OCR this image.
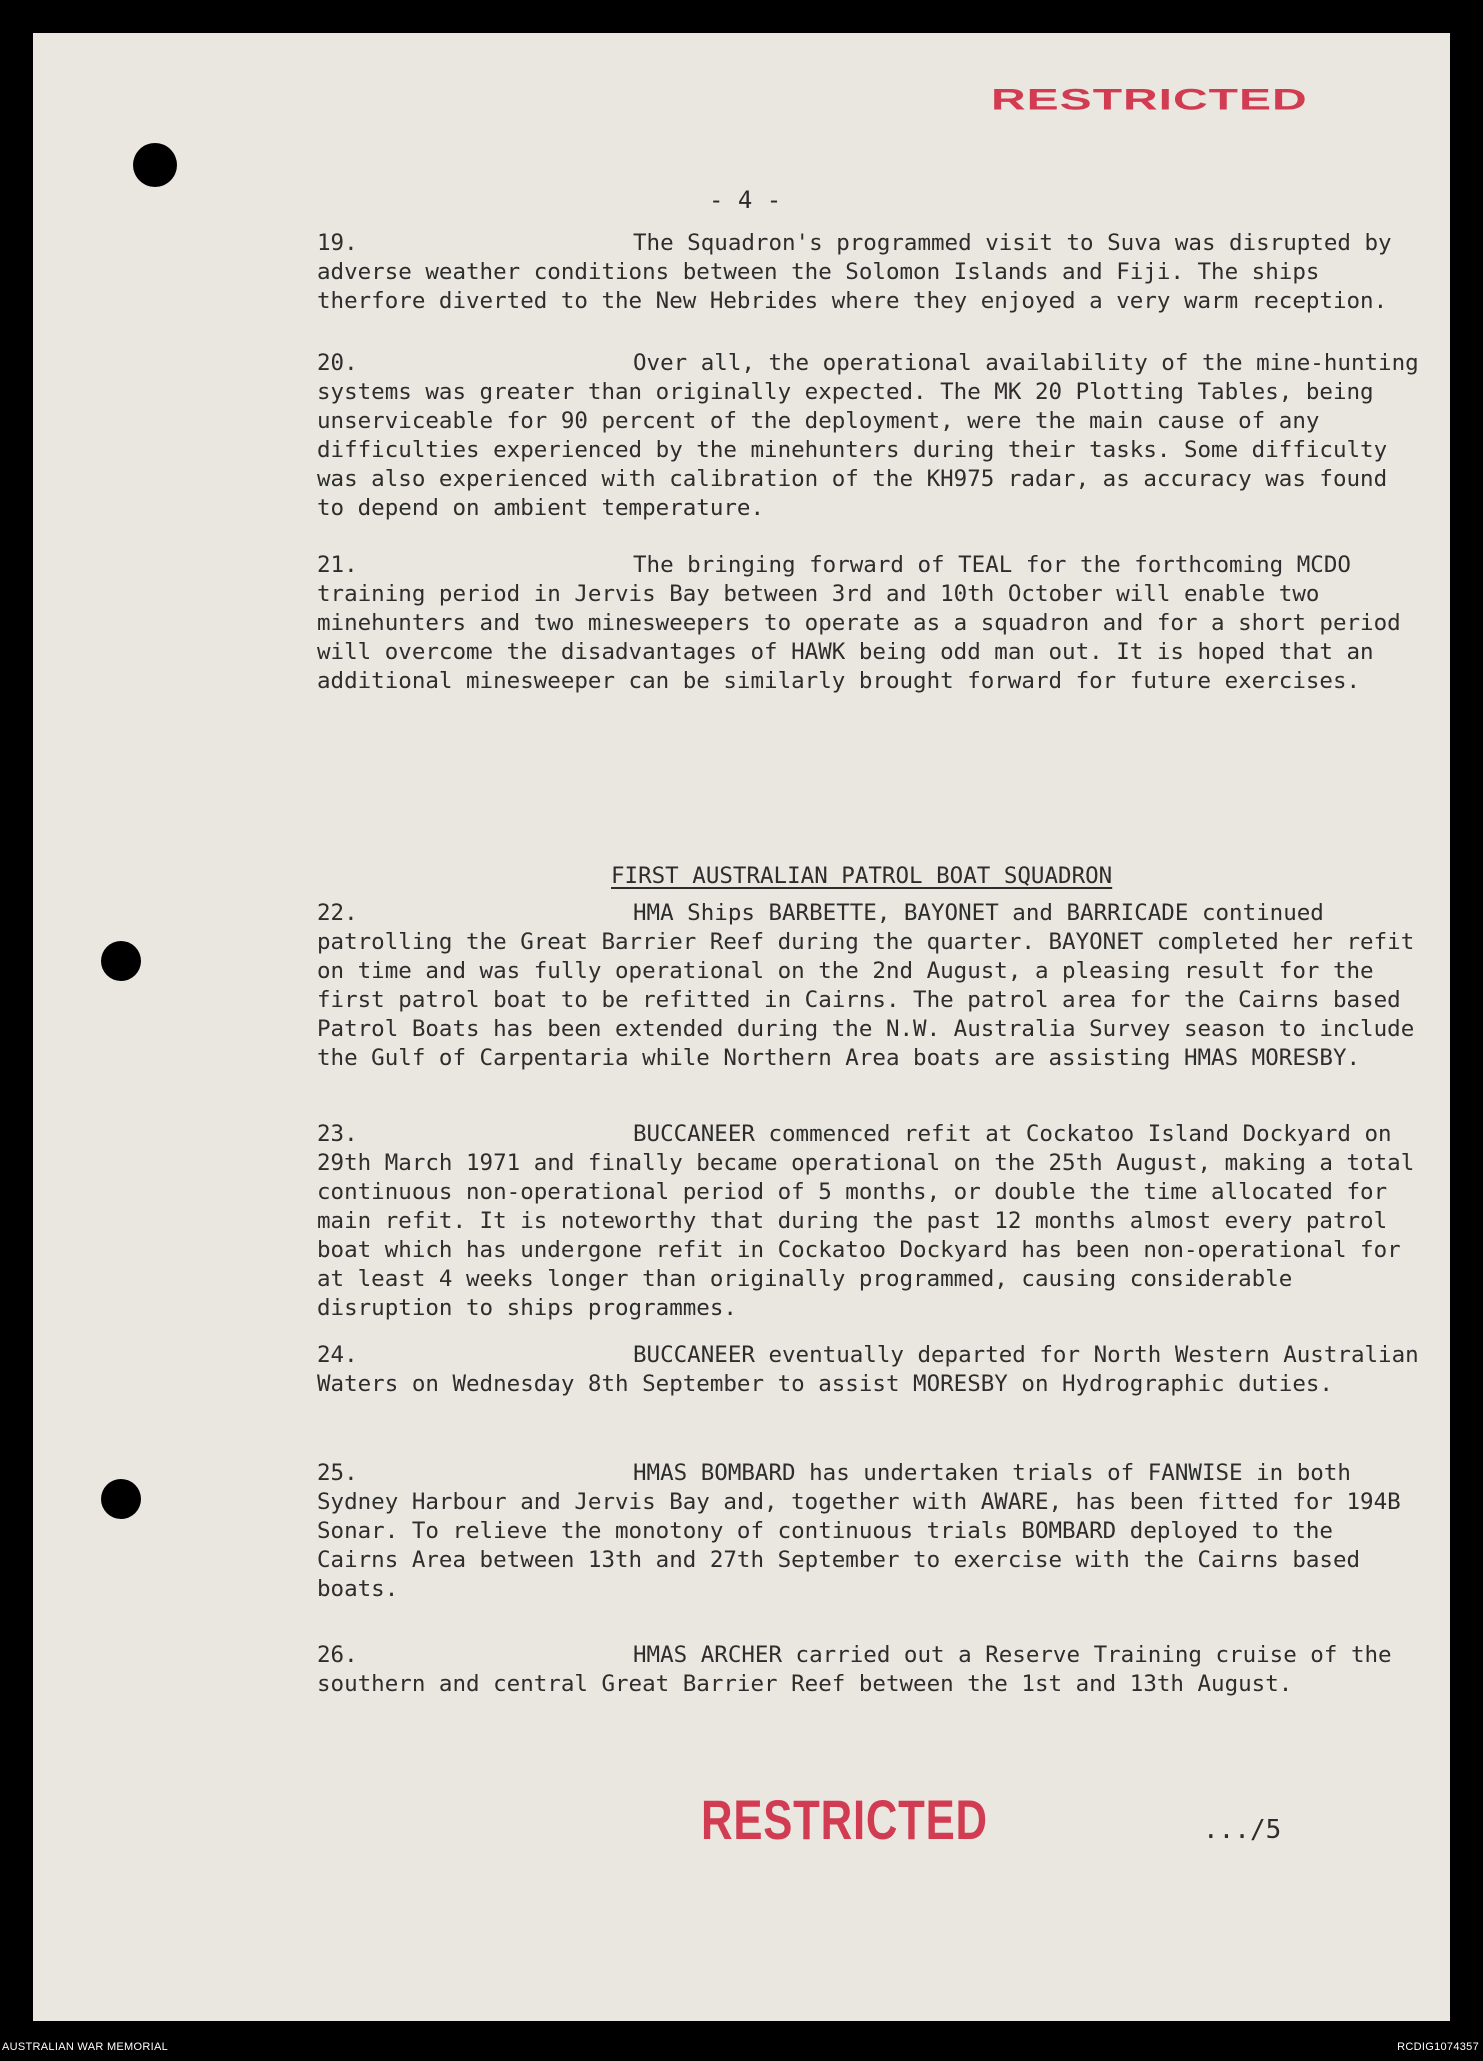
RESTRICTED

- 4 -

19.	The Squadron's programmed visit to Suva was disrupted by adverse weather conditions between the Solomon Islands and Fiji. The ships therfore diverted to the New Hebrides where they enjoyed a very warm reception.

20.	Over all, the operational availability of the mine-hunting systems was greater than originally expected. The MK 20 Plotting Tables, being unserviceable for 90 percent of the deployment, were the main cause of any difficulties experienced by the minehunters during their tasks. Some difficulty was also experienced with calibration of the KH975 radar, as accuracy was found to depend on ambient temperature.

21.	The bringing forward of TEAL for the forthcoming MCDO training period in Jervis Bay between 3rd and 10th October will enable two minehunters and two minesweepers to operate as a squadron and for a short period will overcome the disadvantages of HAWK being odd man out. It is hoped that an additional minesweeper can be similarly brought forward for future exercises.

FIRST AUSTRALIAN PATROL BOAT SQUADRON

22.	HMA Ships BARBETTE, BAYONET and BARRICADE continued patrolling the Great Barrier Reef during the quarter. BAYONET completed her refit on time and was fully operational on the 2nd August, a pleasing result for the first patrol boat to be refitted in Cairns. The patrol area for the Cairns based Patrol Boats has been extended during the N.W. Australia Survey season to include the Gulf of Carpentaria while Northern Area boats are assisting HMAS MORESBY.

23.	BUCCANEER commenced refit at Cockatoo Island Dockyard on 29th March 1971 and finally became operational on the 25th August, making a total continuous non-operational period of 5 months, or double the time allocated for main refit. It is noteworthy that during the past 12 months almost every patrol boat which has undergone refit in Cockatoo Dockyard has been non-operational for at least 4 weeks longer than originally programmed, causing considerable disruption to ships programmes.

24.	BUCCANEER eventually departed for North Western Australian Waters on Wednesday 8th September to assist MORESBY on Hydrographic duties.

25.	HMAS BOMBARD has undertaken trials of FANWISE in both Sydney Harbour and Jervis Bay and, together with AWARE, has been fitted for 194B Sonar. To relieve the monotony of continuous trials BOMBARD deployed to the Cairns Area between 13th and 27th September to exercise with the Cairns based boats.

26.	HMAS ARCHER carried out a Reserve Training cruise of the southern and central Great Barrier Reef between the 1st and 13th August.

RESTRICTED	.../5

AUSTRALIAN WAR MEMORIAL	RCDIG1074357
